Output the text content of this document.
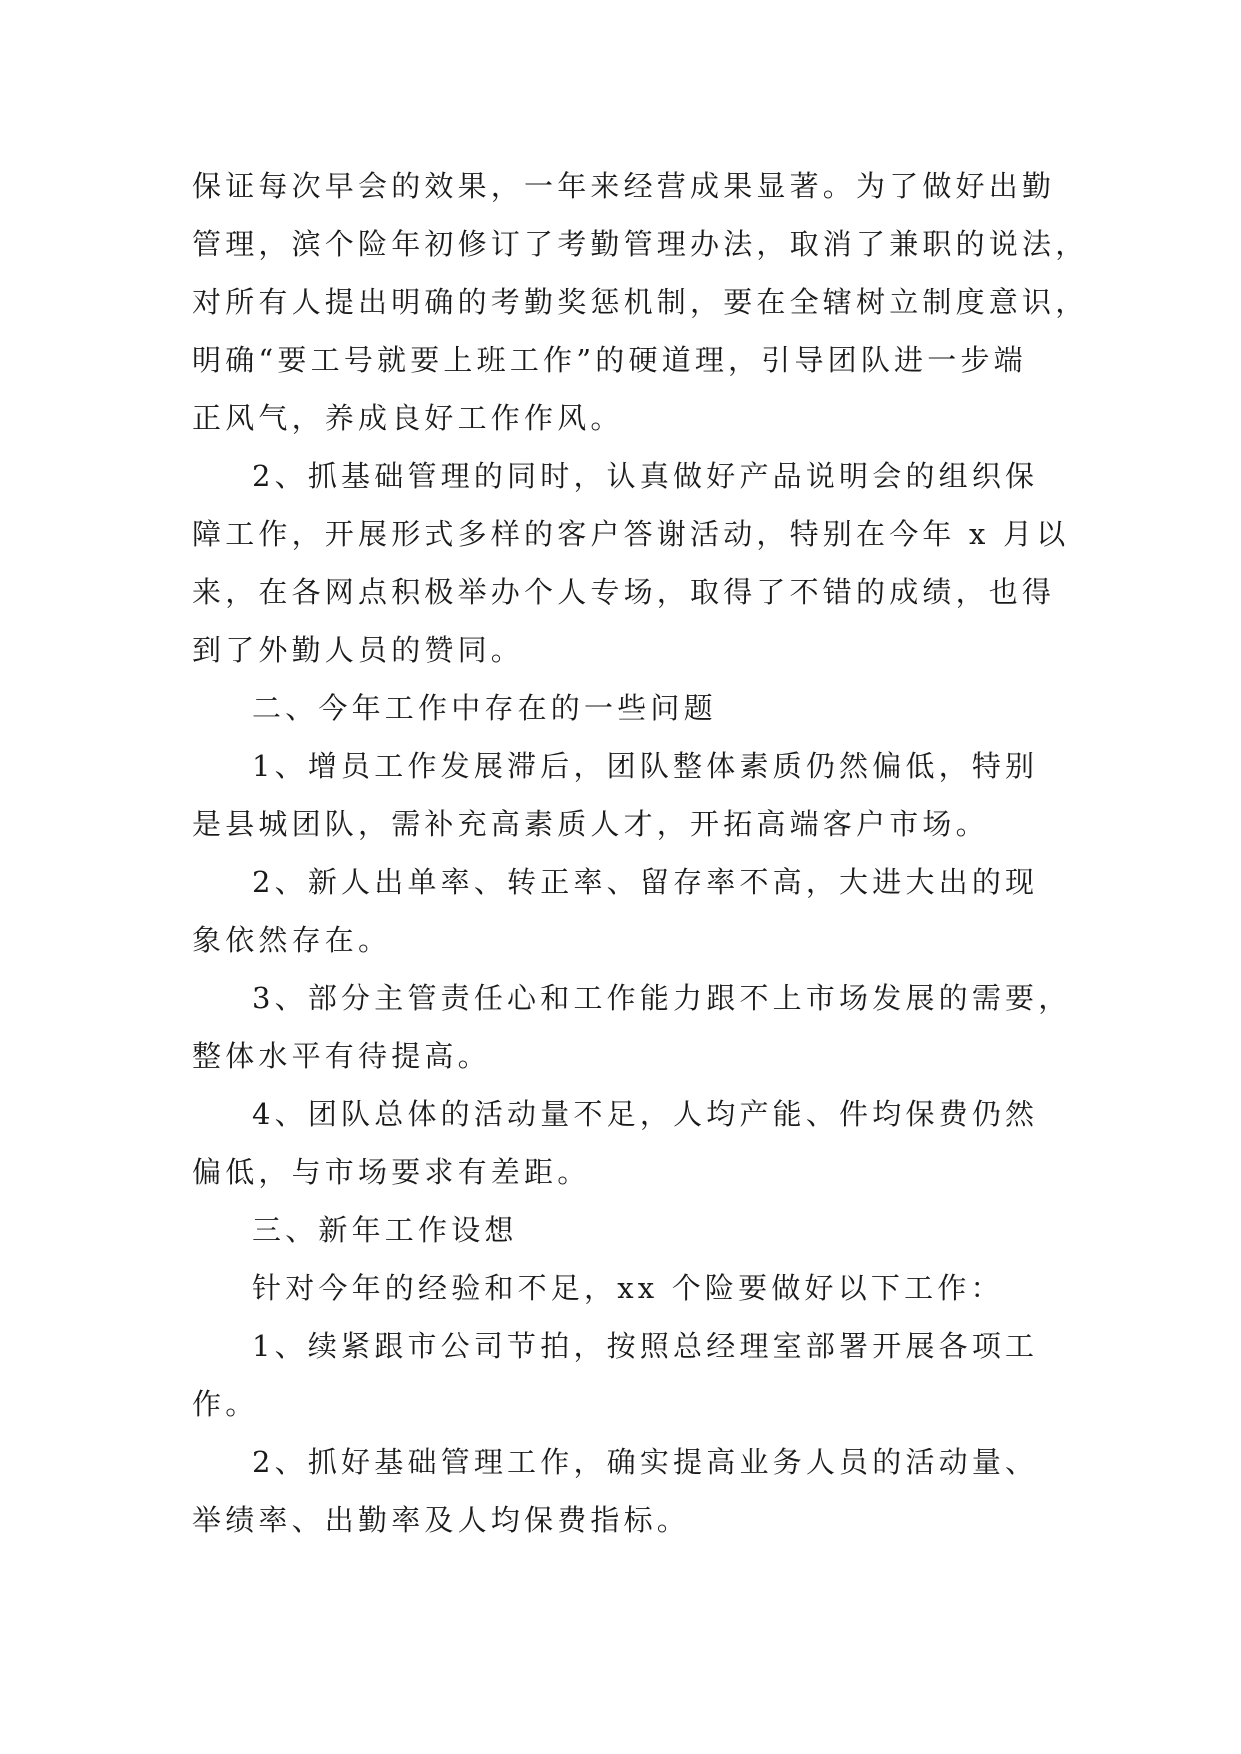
保证每次早会的效果，一年来经营成果显著。为了做好出勤
管理，滨个险年初修订了考勤管理办法，取消了兼职的说法，
对所有人提出明确的考勤奖惩机制，要在全辖树立制度意识，
明确“要工号就要上班工作”的硬道理，引导团队进一步端
正风气，养成良好工作作风。
2、抓基础管理的同时，认真做好产品说明会的组织保
障工作，开展形式多样的客户答谢活动，特别在今年 x 月以
来，在各网点积极举办个人专场，取得了不错的成绩，也得
到了外勤人员的赞同。
二、今年工作中存在的一些问题
1、增员工作发展滞后，团队整体素质仍然偏低，特别
是县城团队，需补充高素质人才，开拓高端客户市场。
2、新人出单率、转正率、留存率不高，大进大出的现
象依然存在。
3、部分主管责任心和工作能力跟不上市场发展的需要，
整体水平有待提高。
4、团队总体的活动量不足，人均产能、件均保费仍然
偏低，与市场要求有差距。
三、新年工作设想
针对今年的经验和不足，xx 个险要做好以下工作：
1、续紧跟市公司节拍，按照总经理室部署开展各项工
作。
2、抓好基础管理工作，确实提高业务人员的活动量、
举绩率、出勤率及人均保费指标。
